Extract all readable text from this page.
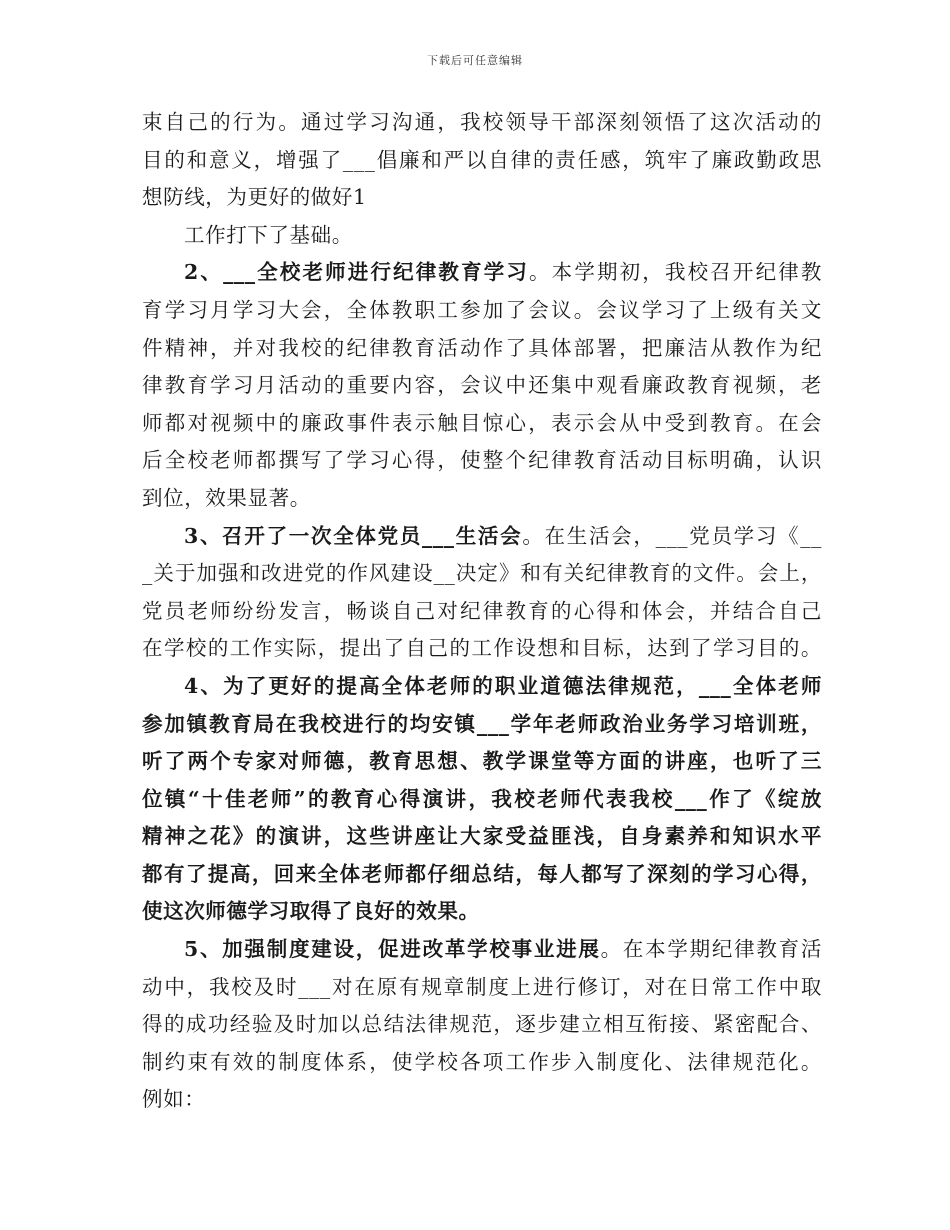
下载后可任意编辑
束自己的行为。通过学习沟通，我校领导干部深刻领悟了这次活动的
目的和意义，增强了___倡廉和严以自律的责任感，筑牢了廉政勤政思
想防线，为更好的做好1
工作打下了基础。
2、___全校老师进行纪律教育学习。本学期初，我校召开纪律教
育学习月学习大会，全体教职工参加了会议。会议学习了上级有关文
件精神，并对我校的纪律教育活动作了具体部署，把廉洁从教作为纪
律教育学习月活动的重要内容，会议中还集中观看廉政教育视频，老
师都对视频中的廉政事件表示触目惊心，表示会从中受到教育。在会
后全校老师都撰写了学习心得，使整个纪律教育活动目标明确，认识
到位，效果显著。
3、召开了一次全体党员___生活会。在生活会，___党员学习《__
_关于加强和改进党的作风建设__决定》和有关纪律教育的文件。会上，
党员老师纷纷发言，畅谈自己对纪律教育的心得和体会，并结合自己
在学校的工作实际，提出了自己的工作设想和目标，达到了学习目的。
4、为了更好的提高全体老师的职业道德法律规范，___全体老师
参加镇教育局在我校进行的均安镇___学年老师政治业务学习培训班，
听了两个专家对师德，教育思想、教学课堂等方面的讲座，也听了三
位镇“十佳老师”的教育心得演讲，我校老师代表我校___作了《绽放
精神之花》的演讲，这些讲座让大家受益匪浅，自身素养和知识水平
都有了提高，回来全体老师都仔细总结，每人都写了深刻的学习心得，
使这次师德学习取得了良好的效果。
5、加强制度建设，促进改革学校事业进展。在本学期纪律教育活
动中，我校及时___对在原有规章制度上进行修订，对在日常工作中取
得的成功经验及时加以总结法律规范，逐步建立相互衔接、紧密配合、
制约束有效的制度体系，使学校各项工作步入制度化、法律规范化。
例如：
